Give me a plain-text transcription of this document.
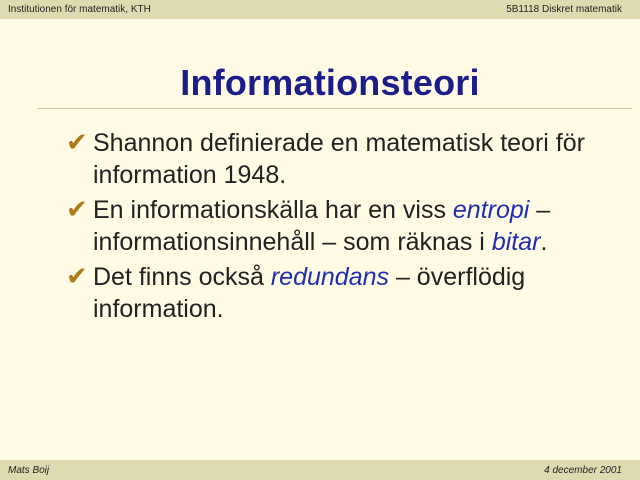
Institutionen för matematik, KTH	5B1118 Diskret matematik
Informationsteori
✔ Shannon definierade en matematisk teori för information 1948.
✔ En informationskälla har en viss entropi – informationsinnehåll – som räknas i bitar.
✔ Det finns också redundans – överflödig information.
Mats Boij	4 december 2001
